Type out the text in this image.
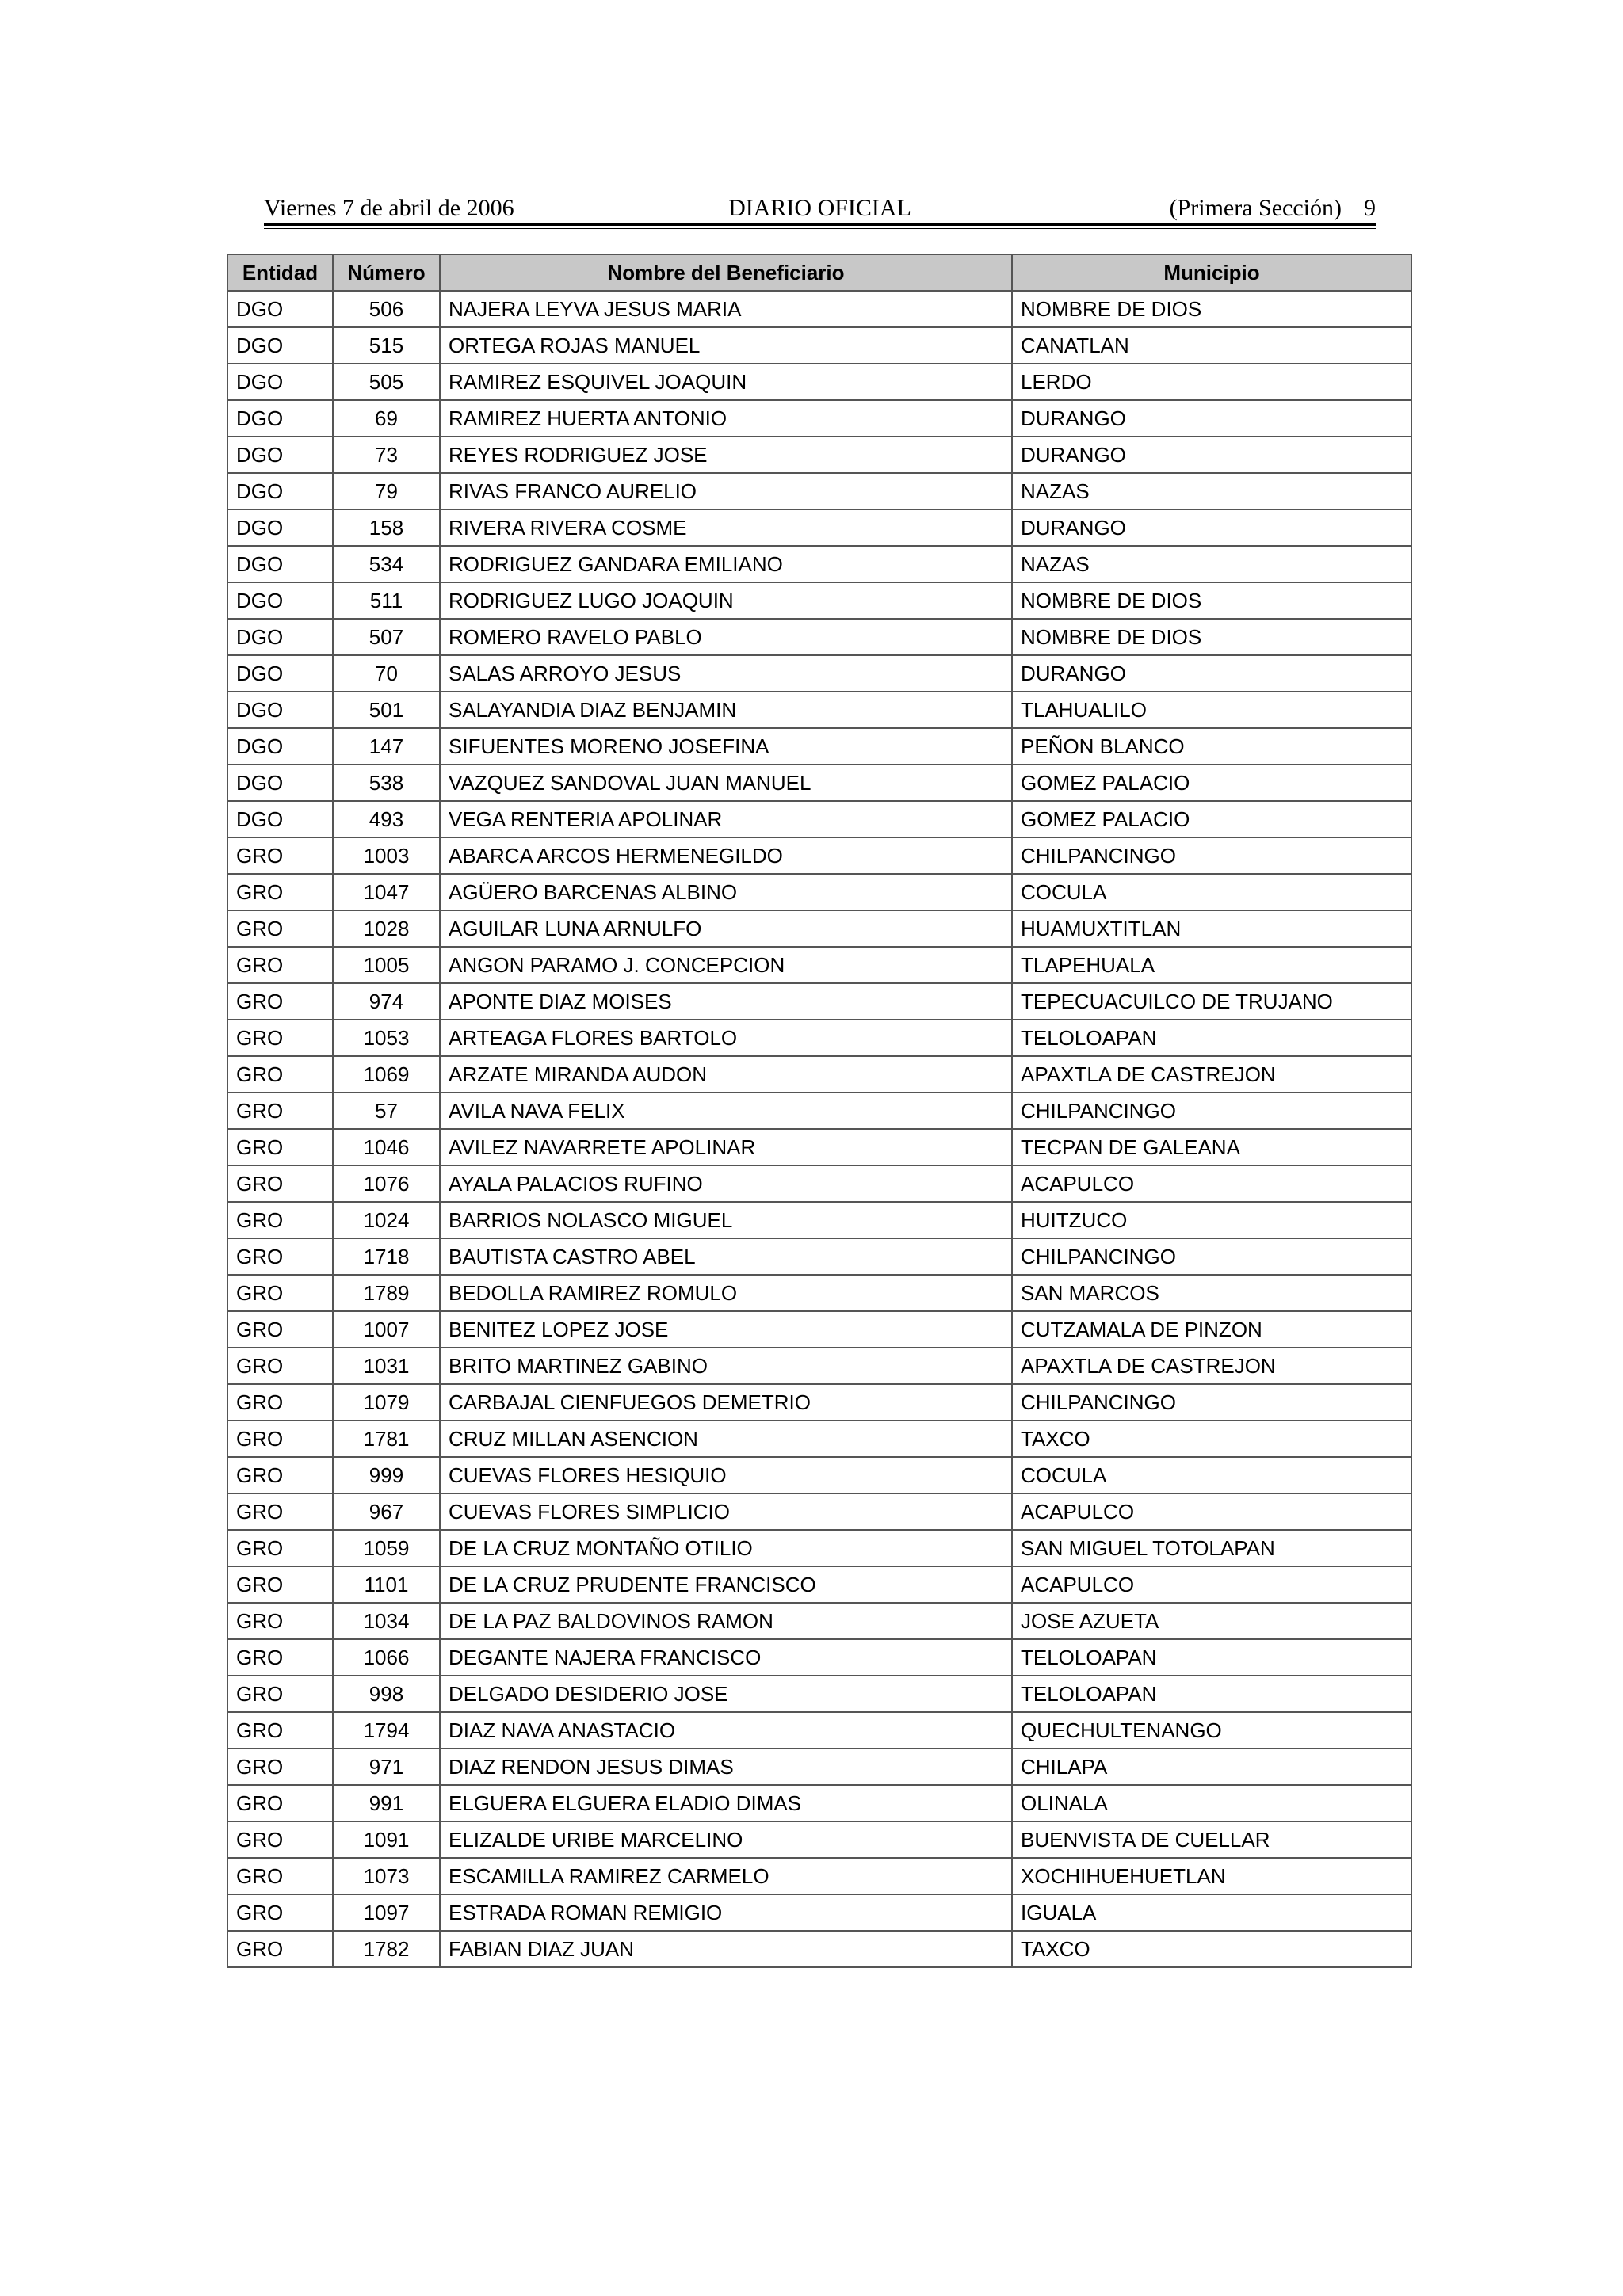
Viernes 7 de abril de 2006	DIARIO OFICIAL	(Primera Sección) 9
Entidad	Número	Nombre del Beneficiario	Municipio
DGO	506	NAJERA LEYVA JESUS MARIA	NOMBRE DE DIOS
DGO	515	ORTEGA ROJAS MANUEL	CANATLAN
DGO	505	RAMIREZ ESQUIVEL JOAQUIN	LERDO
DGO	69	RAMIREZ HUERTA ANTONIO	DURANGO
DGO	73	REYES RODRIGUEZ JOSE	DURANGO
DGO	79	RIVAS FRANCO AURELIO	NAZAS
DGO	158	RIVERA RIVERA COSME	DURANGO
DGO	534	RODRIGUEZ GANDARA EMILIANO	NAZAS
DGO	511	RODRIGUEZ LUGO JOAQUIN	NOMBRE DE DIOS
DGO	507	ROMERO RAVELO PABLO	NOMBRE DE DIOS
DGO	70	SALAS ARROYO JESUS	DURANGO
DGO	501	SALAYANDIA DIAZ BENJAMIN	TLAHUALILO
DGO	147	SIFUENTES MORENO JOSEFINA	PEÑON BLANCO
DGO	538	VAZQUEZ SANDOVAL JUAN MANUEL	GOMEZ PALACIO
DGO	493	VEGA RENTERIA APOLINAR	GOMEZ PALACIO
GRO	1003	ABARCA ARCOS HERMENEGILDO	CHILPANCINGO
GRO	1047	AGÜERO BARCENAS ALBINO	COCULA
GRO	1028	AGUILAR LUNA ARNULFO	HUAMUXTITLAN
GRO	1005	ANGON PARAMO J. CONCEPCION	TLAPEHUALA
GRO	974	APONTE DIAZ MOISES	TEPECUACUILCO DE TRUJANO
GRO	1053	ARTEAGA FLORES BARTOLO	TELOLOAPAN
GRO	1069	ARZATE MIRANDA AUDON	APAXTLA DE CASTREJON
GRO	57	AVILA NAVA FELIX	CHILPANCINGO
GRO	1046	AVILEZ NAVARRETE APOLINAR	TECPAN DE GALEANA
GRO	1076	AYALA PALACIOS RUFINO	ACAPULCO
GRO	1024	BARRIOS NOLASCO MIGUEL	HUITZUCO
GRO	1718	BAUTISTA CASTRO ABEL	CHILPANCINGO
GRO	1789	BEDOLLA RAMIREZ ROMULO	SAN MARCOS
GRO	1007	BENITEZ LOPEZ JOSE	CUTZAMALA DE PINZON
GRO	1031	BRITO MARTINEZ GABINO	APAXTLA DE CASTREJON
GRO	1079	CARBAJAL CIENFUEGOS DEMETRIO	CHILPANCINGO
GRO	1781	CRUZ MILLAN ASENCION	TAXCO
GRO	999	CUEVAS FLORES HESIQUIO	COCULA
GRO	967	CUEVAS FLORES SIMPLICIO	ACAPULCO
GRO	1059	DE LA CRUZ MONTAÑO OTILIO	SAN MIGUEL TOTOLAPAN
GRO	1101	DE LA CRUZ PRUDENTE FRANCISCO	ACAPULCO
GRO	1034	DE LA PAZ BALDOVINOS RAMON	JOSE AZUETA
GRO	1066	DEGANTE NAJERA FRANCISCO	TELOLOAPAN
GRO	998	DELGADO DESIDERIO JOSE	TELOLOAPAN
GRO	1794	DIAZ NAVA ANASTACIO	QUECHULTENANGO
GRO	971	DIAZ RENDON JESUS DIMAS	CHILAPA
GRO	991	ELGUERA ELGUERA ELADIO DIMAS	OLINALA
GRO	1091	ELIZALDE URIBE MARCELINO	BUENVISTA DE CUELLAR
GRO	1073	ESCAMILLA RAMIREZ CARMELO	XOCHIHUEHUETLAN
GRO	1097	ESTRADA ROMAN REMIGIO	IGUALA
GRO	1782	FABIAN DIAZ JUAN	TAXCO
